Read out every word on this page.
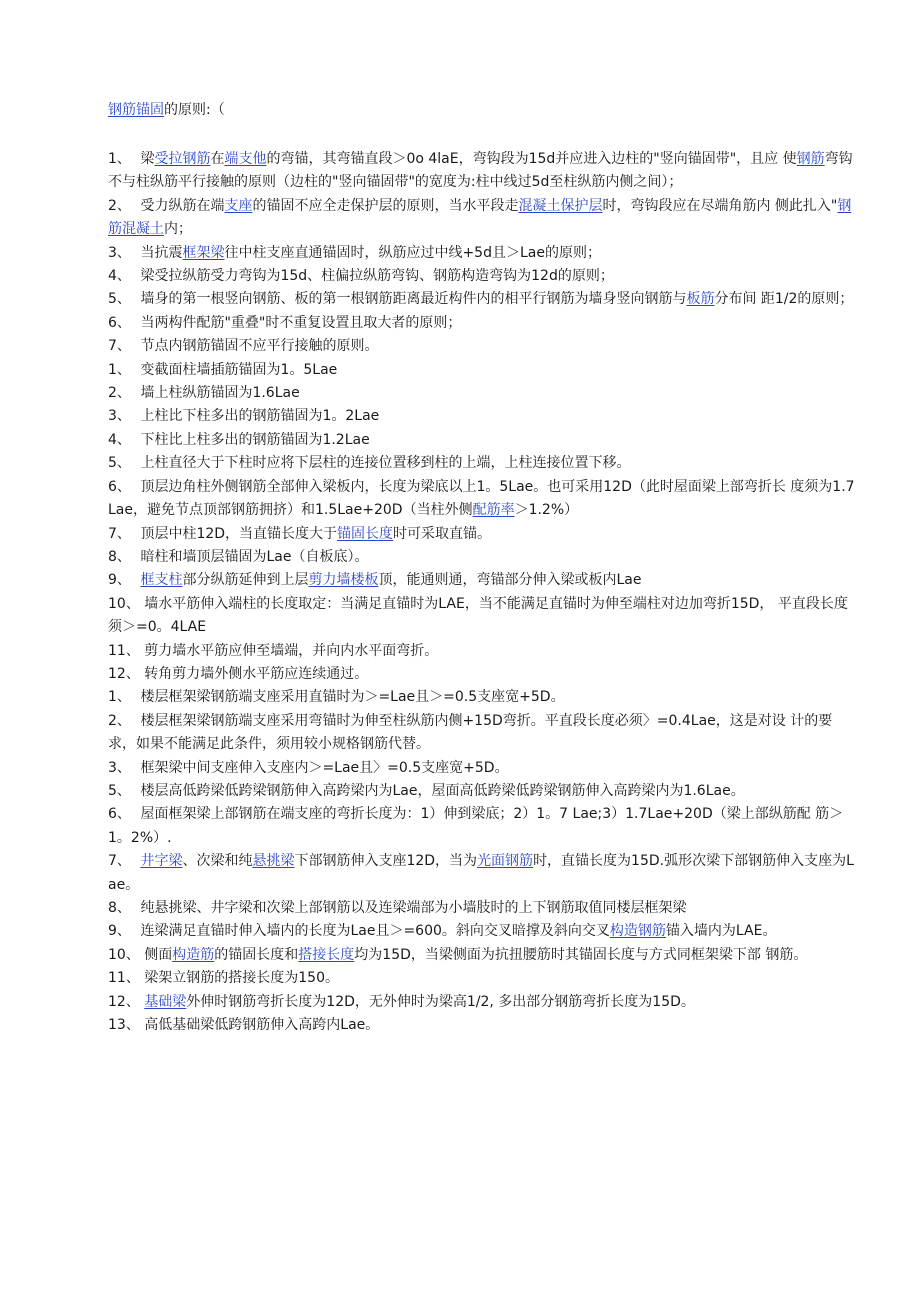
钢筋锚固的原则:（

1、 梁受拉钢筋在端支他的弯锚，其弯锚直段＞0o 4laE，弯钩段为15d并应进入边柱的"竖向锚固带"，且应 使钢筋弯钩不与柱纵筋平行接触的原则（边柱的"竖向锚固带"的宽度为:柱中线过5d至柱纵筋内侧之间）；

2、 受力纵筋在端支座的锚固不应全走保护层的原则，当水平段走混凝土保护层时，弯钩段应在尽端角筋内 侧此扎入"钢筋混凝土内；

3、 当抗震框架梁往中柱支座直通锚固时，纵筋应过中线+5d且＞Lae的原则；

4、 梁受拉纵筋受力弯钩为15d、柱偏拉纵筋弯钩、钢筋构造弯钩为12d的原则；

5、 墙身的第一根竖向钢筋、板的第一根钢筋距离最近构件内的相平行钢筋为墙身竖向钢筋与板筋分布间 距1/2的原则；

6、 当两构件配筋"重叠"时不重复设置且取大者的原则；

7、 节点内钢筋锚固不应平行接触的原则。

1、 变截面柱墙插筋锚固为1。5Lae

2、 墙上柱纵筋锚固为1.6Lae

3、 上柱比下柱多出的钢筋锚固为1。2Lae

4、 下柱比上柱多出的钢筋锚固为1.2Lae

5、 上柱直径大于下柱时应将下层柱的连接位置移到柱的上端，上柱连接位置下移。

6、 顶层边角柱外侧钢筋全部伸入梁板内，长度为梁底以上1。5Lae。也可采用12D（此时屋面梁上部弯折长 度须为1.7Lae，避免节点顶部钢筋拥挤）和1.5Lae+20D（当柱外侧配筋率＞1.2%）

7、 顶层中柱12D，当直锚长度大于锚固长度时可采取直锚。

8、 暗柱和墙顶层锚固为Lae（自板底）。

9、 框支柱部分纵筋延伸到上层剪力墙楼板顶，能通则通，弯锚部分伸入梁或板内Lae

10、 墙水平筋伸入端柱的长度取定：当满足直锚时为LAE，当不能满足直锚时为伸至端柱对边加弯折15D， 平直段长度须＞=0。4LAE

11、 剪力墙水平筋应伸至墙端，并向内水平面弯折。

12、 转角剪力墙外侧水平筋应连续通过。

1、 楼层框架梁钢筋端支座采用直锚时为＞=Lae且＞=0.5支座宽+5D。

2、 楼层框架梁钢筋端支座采用弯锚时为伸至柱纵筋内侧+15D弯折。平直段长度必须〉=0.4Lae，这是对设 计的要求，如果不能满足此条件，须用较小规格钢筋代替。

3、 框架梁中间支座伸入支座内＞=Lae且〉=0.5支座宽+5D。

5、 楼层高低跨梁低跨梁钢筋伸入高跨梁内为Lae，屋面高低跨梁低跨梁钢筋伸入高跨梁内为1.6Lae。

6、 屋面框架梁上部钢筋在端支座的弯折长度为：1）伸到梁底；2）1。7 Lae;3）1.7Lae+20D（梁上部纵筋配 筋＞1。2%）.

7、 井字梁、次梁和纯悬挑梁下部钢筋伸入支座12D，当为光面钢筋时，直锚长度为15D.弧形次梁下部钢筋伸入支座为Lae。

8、 纯悬挑梁、井字梁和次梁上部钢筋以及连梁端部为小墙肢时的上下钢筋取值同楼层框架梁

9、 连梁满足直锚时伸入墙内的长度为Lae且＞=600。斜向交叉暗撑及斜向交叉构造钢筋锚入墙内为LAE。

10、 侧面构造筋的锚固长度和搭接长度均为15D，当梁侧面为抗扭腰筋时其锚固长度与方式同框架梁下部 钢筋。

11、 梁架立钢筋的搭接长度为150。

12、 基础梁外伸时钢筋弯折长度为12D，无外伸时为梁高1/2, 多出部分钢筋弯折长度为15D。

13、 高低基础梁低跨钢筋伸入高跨内Lae。
